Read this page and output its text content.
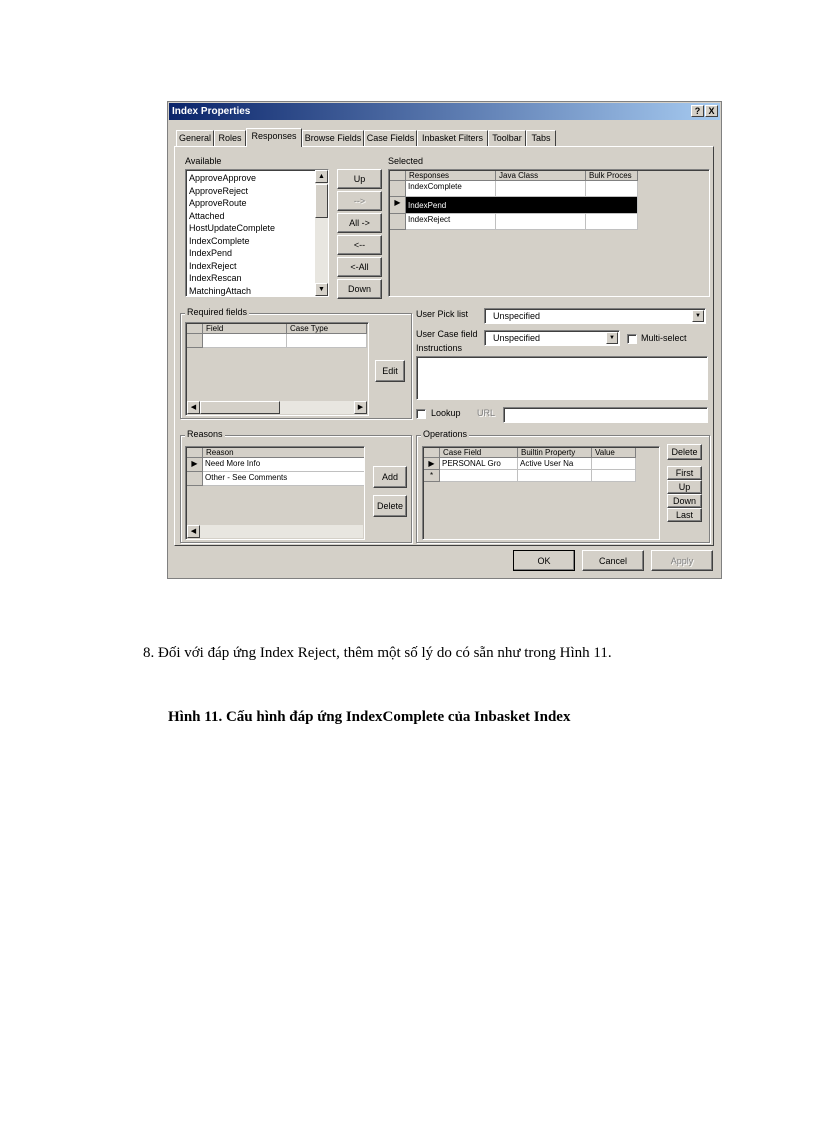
Index Properties	? X
General Roles	Responses Browse Fields Case Fields Inbasket Filters	Toolbar	Tabs
Available
ApproveApprove
ApproveReject
ApproveRoute
Attached
HostUpdateComplete
IndexComplete
IndexPend
IndexReject
IndexRescan
MatchingAttach
▲
▼
Up
-->
All ->
<--
<-All
Down
Selected
Responses	Java Class	Bulk Proces
IndexComplete
▶ IndexPend
IndexReject
Required fields
Field	Case Type
◀	▶
Edit
User Pick list	Unspecified	▼
User Case field	Unspecified	▼	Multi-select
Instructions
Lookup URL
Reasons
Reason
▶ Need More Info
Other - See Comments
◀
Add
Delete
Operations
Case Field	Builtin Property	Value
▶ PERSONAL Gro	Active User Na
*
Delete
First
Up
Down
Last
OK	Cancel	Apply
8. Đối với đáp ứng Index Reject, thêm một số lý do có sẵn như trong Hình 11.
Hình 11. Cấu hình đáp ứng IndexComplete của Inbasket Index
